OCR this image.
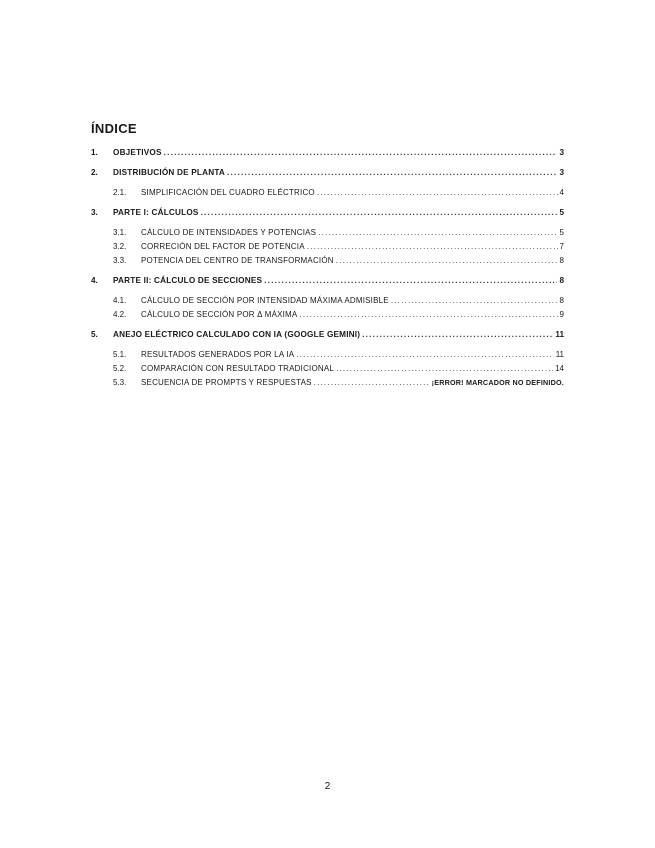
ÍNDICE
1.	OBJETIVOS .....	3
2.	DISTRIBUCIÓN DE PLANTA .....	3
2.1.	SIMPLIFICACIÓN DEL CUADRO ELÉCTRICO .....	4
3.	PARTE I: CÁLCULOS .....	5
3.1.	CÁLCULO DE INTENSIDADES Y POTENCIAS .....	5
3.2.	CORRECIÓN DEL FACTOR DE POTENCIA .....	7
3.3.	POTENCIA DEL CENTRO DE TRANSFORMACIÓN .....	8
4.	PARTE II: CÁLCULO DE SECCIONES .....	8
4.1.	CÁLCULO DE SECCIÓN POR INTENSIDAD MÁXIMA ADMISIBLE .....	8
4.2.	CÁLCULO DE SECCIÓN POR Δ MÁXIMA .....	9
5.	ANEJO ELÉCTRICO CALCULADO CON IA (GOOGLE GEMINI) .....	11
5.1.	RESULTADOS GENERADOS POR LA IA .....	11
5.2.	COMPARACIÓN CON RESULTADO TRADICIONAL .....	14
5.3.	SECUENCIA DE PROMPTS Y RESPUESTAS .....	¡ERROR! MARCADOR NO DEFINIDO.
2
